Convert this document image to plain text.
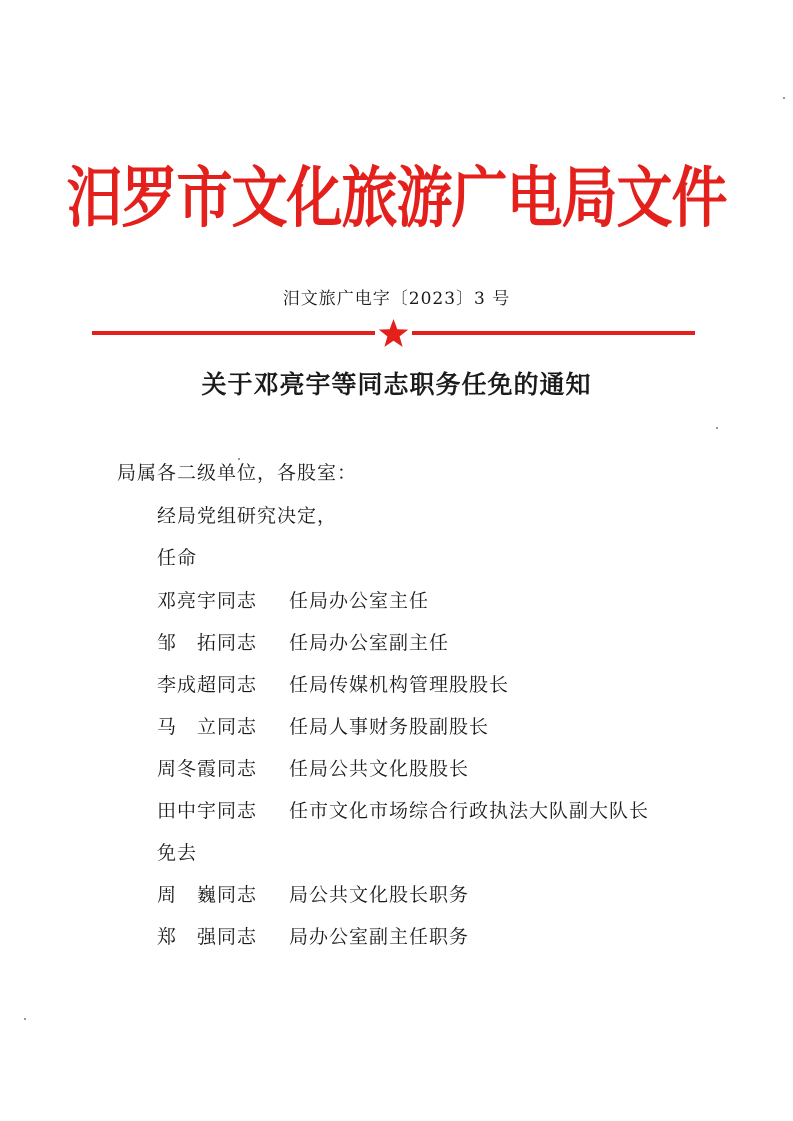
汨罗市文化旅游广电局文件
汨文旅广电字〔2023〕3 号
关于邓亮宇等同志职务任免的通知
局属各二级单位，各股室：
经局党组研究决定，
任命
邓亮宇同志 任局办公室主任
邹　拓同志 任局办公室副主任
李成超同志 任局传媒机构管理股股长
马　立同志 任局人事财务股副股长
周冬霞同志 任局公共文化股股长
田中宇同志 任市文化市场综合行政执法大队副大队长
免去
周　巍同志 局公共文化股长职务
郑　强同志 局办公室副主任职务
